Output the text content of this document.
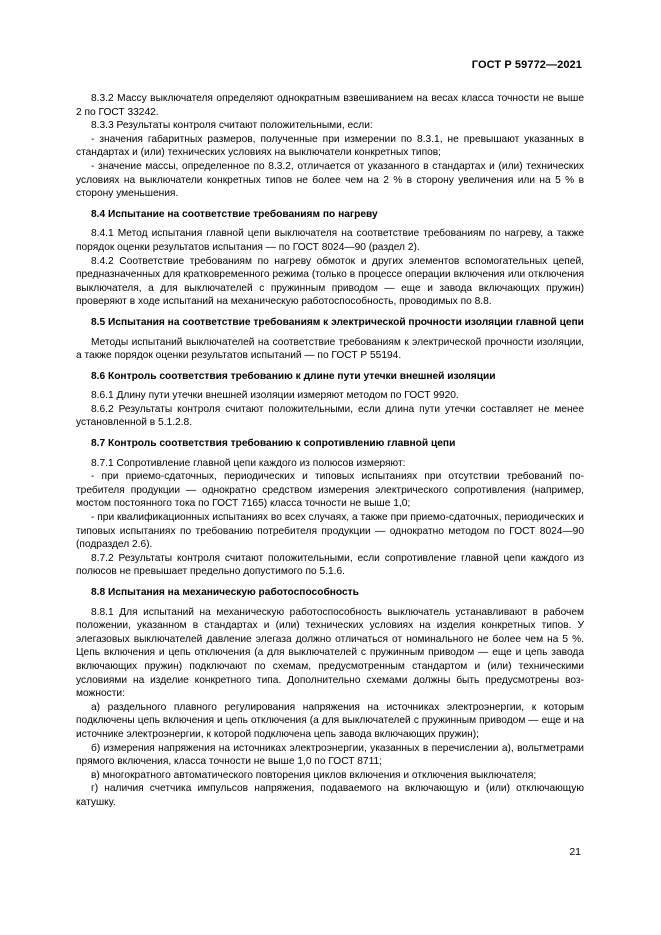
ГОСТ Р 59772—2021

8.3.2 Массу выключателя определяют однократным взвешиванием на весах класса точности не выше 2 по ГОСТ 33242.

8.3.3 Результаты контроля считают положительными, если:

- значения габаритных размеров, полученные при измерении по 8.3.1, не превышают указанных в стандартах и (или) технических условиях на выключатели конкретных типов;

- значение массы, определенное по 8.3.2, отличается от указанного в стандартах и (или) технических условиях на выключатели конкретных типов не более чем на 2 % в сторону увеличения или на 5 % в сторону уменьшения.

8.4 Испытание на соответствие требованиям по нагреву

8.4.1 Метод испытания главной цепи выключателя на соответствие требованиям по нагреву, а также порядок оценки результатов испытания — по ГОСТ 8024—90 (раздел 2).

8.4.2 Соответствие требованиям по нагреву обмоток и других элементов вспомогательных цепей, предназначенных для кратковременного режима (только в процессе операции включения или отключения выключателя, а для выключателей с пружинным приводом — еще и завода включающих пружин) проверяют в ходе испытаний на механическую работоспособность, проводимых по 8.8.

8.5 Испытания на соответствие требованиям к электрической прочности изоляции главной цепи

Методы испытаний выключателей на соответствие требованиям к электрической прочности изоляции, а также порядок оценки результатов испытаний — по ГОСТ Р 55194.

8.6 Контроль соответствия требованию к длине пути утечки внешней изоляции

8.6.1 Длину пути утечки внешней изоляции измеряют методом по ГОСТ 9920.

8.6.2 Результаты контроля считают положительными, если длина пути утечки составляет не менее установленной в 5.1.2.8.

8.7 Контроль соответствия требованию к сопротивлению главной цепи

8.7.1 Сопротивление главной цепи каждого из полюсов измеряют:

- при приемо-сдаточных, периодических и типовых испытаниях при отсутствии требований потребителя продукции — однократно средством измерения электрического сопротивления (например, мостом постоянного тока по ГОСТ 7165) класса точности не выше 1,0;

- при квалификационных испытаниях во всех случаях, а также при приемо-сдаточных, периодических и типовых испытаниях по требованию потребителя продукции — однократно методом по ГОСТ 8024—90 (подраздел 2.6).

8.7.2 Результаты контроля считают положительными, если сопротивление главной цепи каждого из полюсов не превышает предельно допустимого по 5.1.6.

8.8 Испытания на механическую работоспособность

8.8.1 Для испытаний на механическую работоспособность выключатель устанавливают в рабочем положении, указанном в стандартах и (или) технических условиях на изделия конкретных типов. У элегазовых выключателей давление элегаза должно отличаться от номинального не более чем на 5 %. Цепь включения и цепь отключения (а для выключателей с пружинным приводом — еще и цепь завода включающих пружин) подключают по схемам, предусмотренным стандартом и (или) техническими условиями на изделие конкретного типа. Дополнительно схемами должны быть предусмотрены возможности:

а) раздельного плавного регулирования напряжения на источниках электроэнергии, к которым подключены цепь включения и цепь отключения (а для выключателей с пружинным приводом — еще и на источнике электроэнергии, к которой подключена цепь завода включающих пружин);

б) измерения напряжения на источниках электроэнергии, указанных в перечислении а), вольтметрами прямого включения, класса точности не выше 1,0 по ГОСТ 8711;

в) многократного автоматического повторения циклов включения и отключения выключателя;

г) наличия счетчика импульсов напряжения, подаваемого на включающую и (или) отключающую катушку.

21
